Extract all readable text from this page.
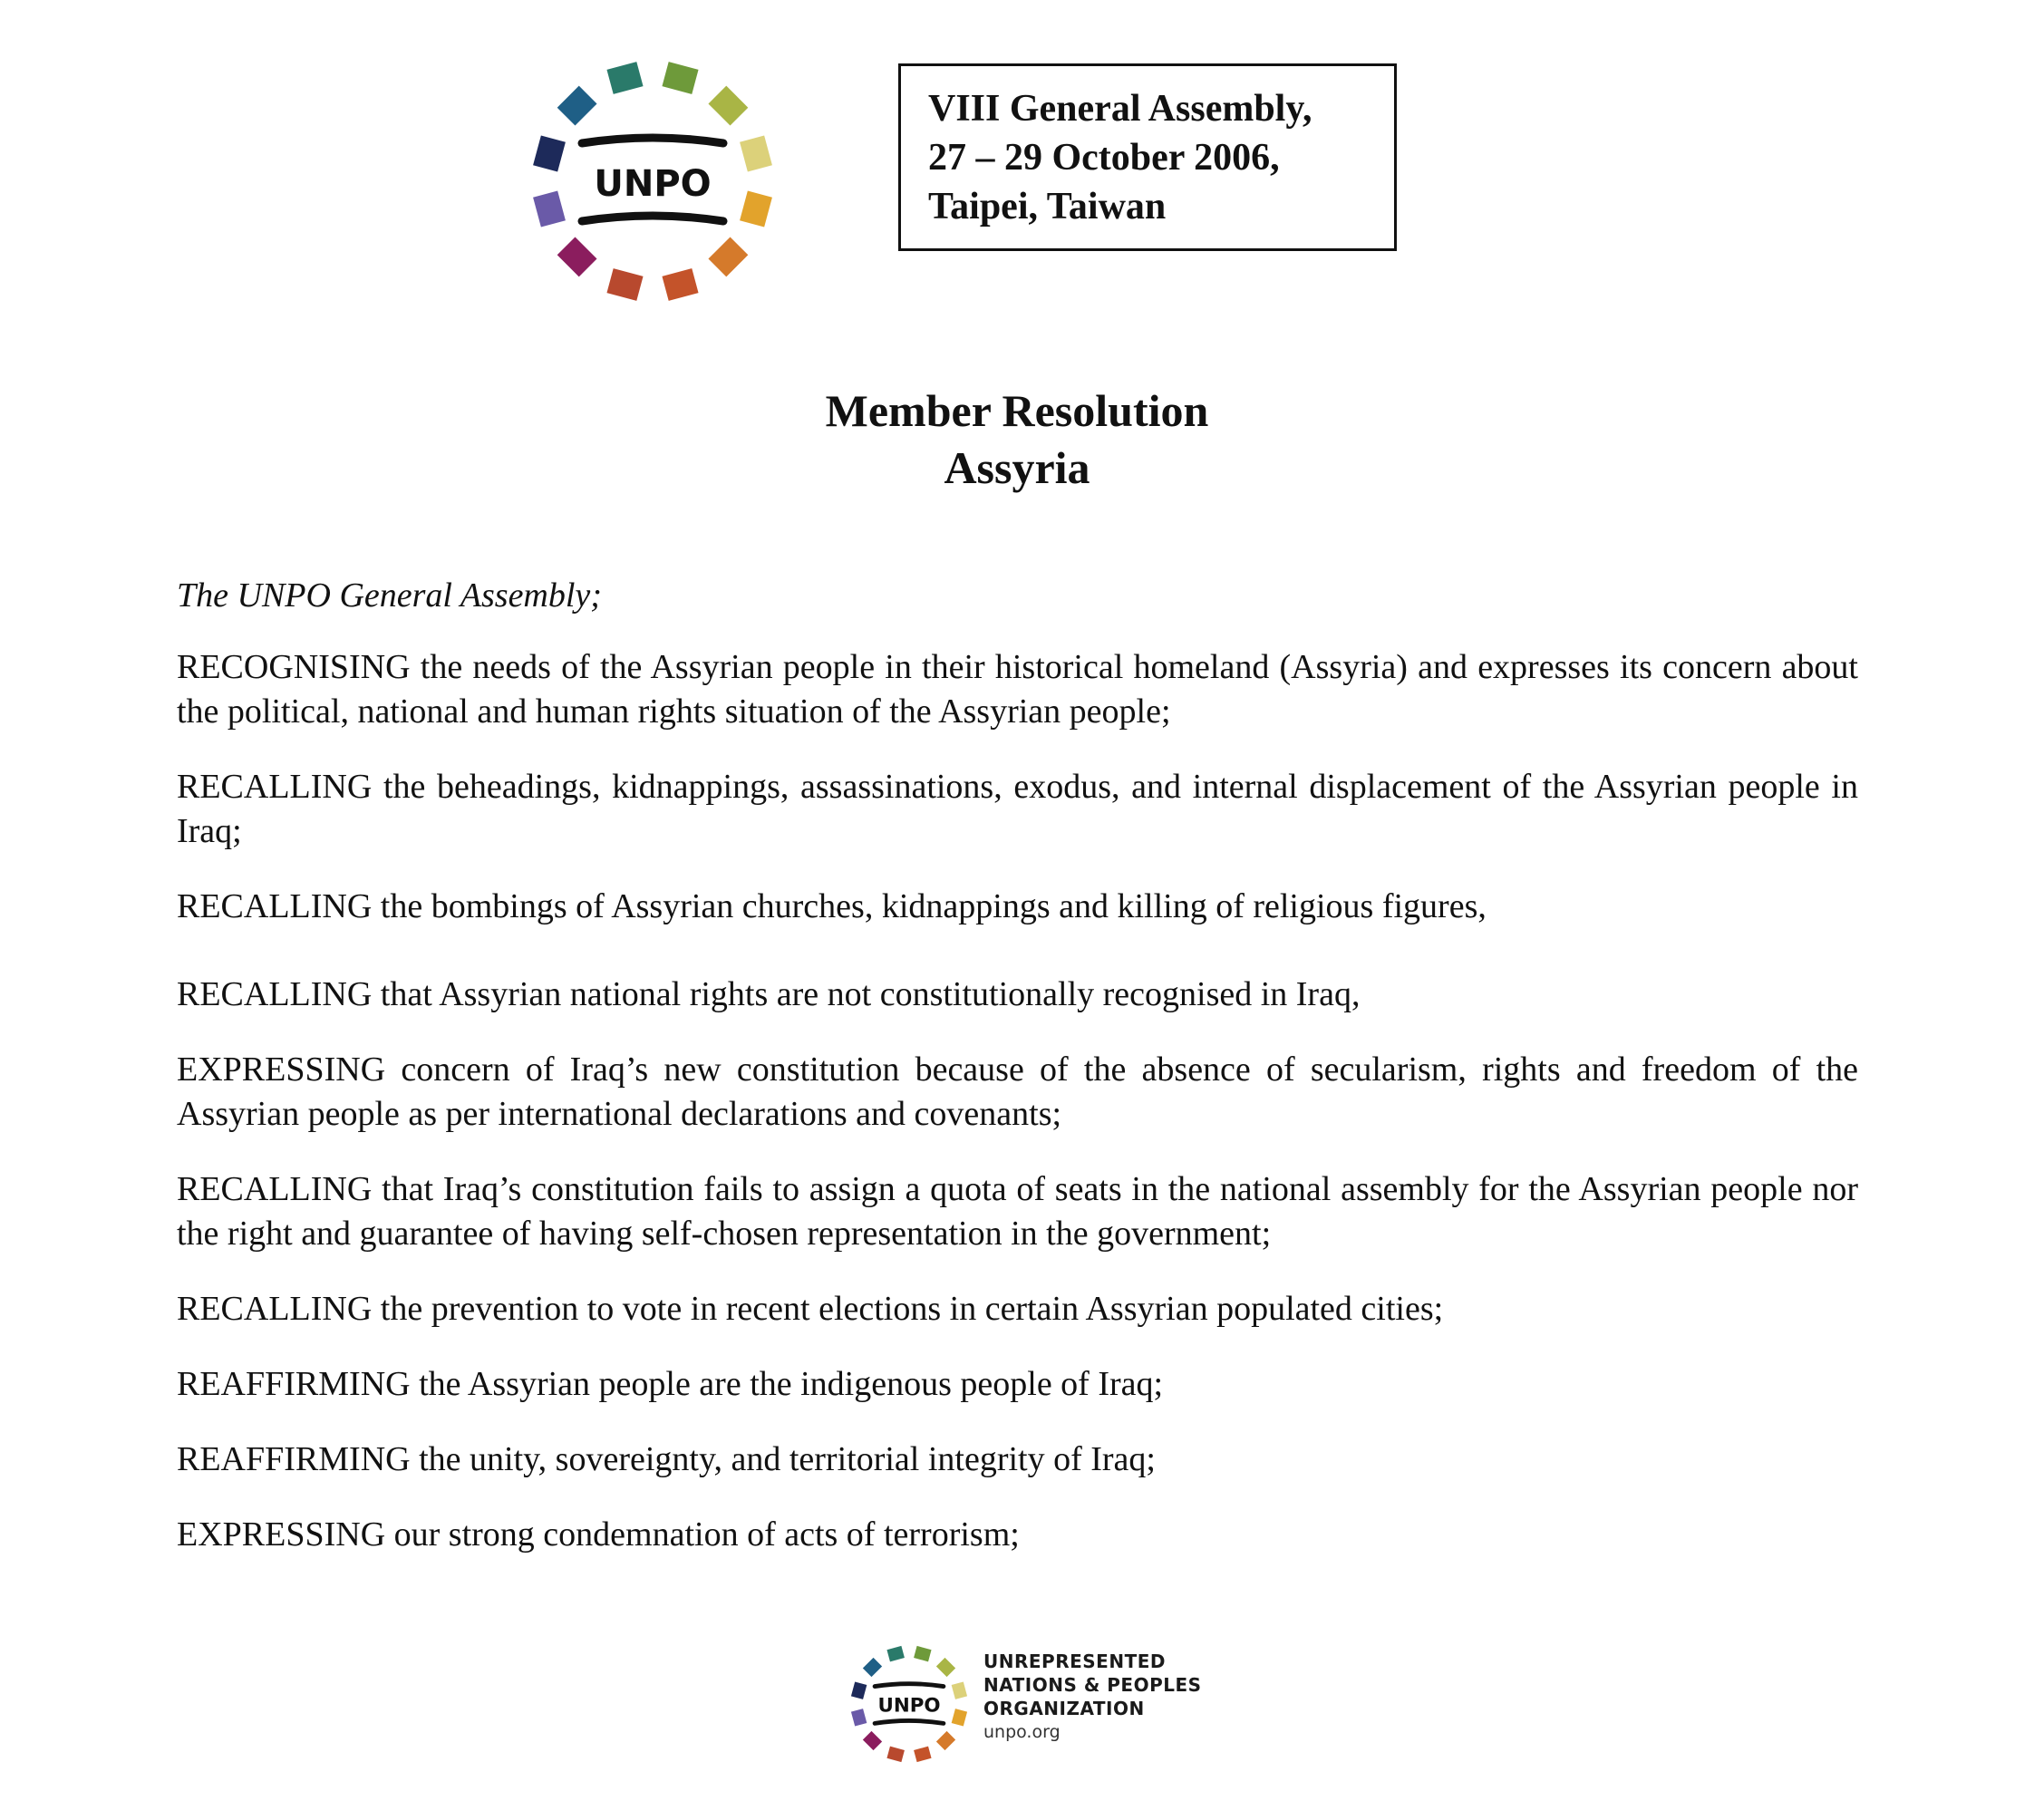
UNPO
VIII General Assembly,
27 – 29 October 2006,
Taipei, Taiwan
Member Resolution
Assyria

The UNPO General Assembly;

RECOGNISING the needs of the Assyrian people in their historical homeland (Assyria) and expresses its concern about the political, national and human rights situation of the Assyrian people;

RECALLING the beheadings, kidnappings, assassinations, exodus, and internal displacement of the Assyrian people in Iraq;

RECALLING the bombings of Assyrian churches, kidnappings and killing of religious figures,

RECALLING that Assyrian national rights are not constitutionally recognised in Iraq,

EXPRESSING concern of Iraq’s new constitution because of the absence of secularism, rights and freedom of the Assyrian people as per international declarations and covenants;

RECALLING that Iraq’s constitution fails to assign a quota of seats in the national assembly for the Assyrian people nor the right and guarantee of having self-chosen representation in the government;

RECALLING the prevention to vote in recent elections in certain Assyrian populated cities;

REAFFIRMING the Assyrian people are the indigenous people of Iraq;

REAFFIRMING the unity, sovereignty, and territorial integrity of Iraq;

EXPRESSING our strong condemnation of acts of terrorism;

UNPO
UNREPRESENTED
NATIONS & PEOPLES
ORGANIZATION
unpo.org
